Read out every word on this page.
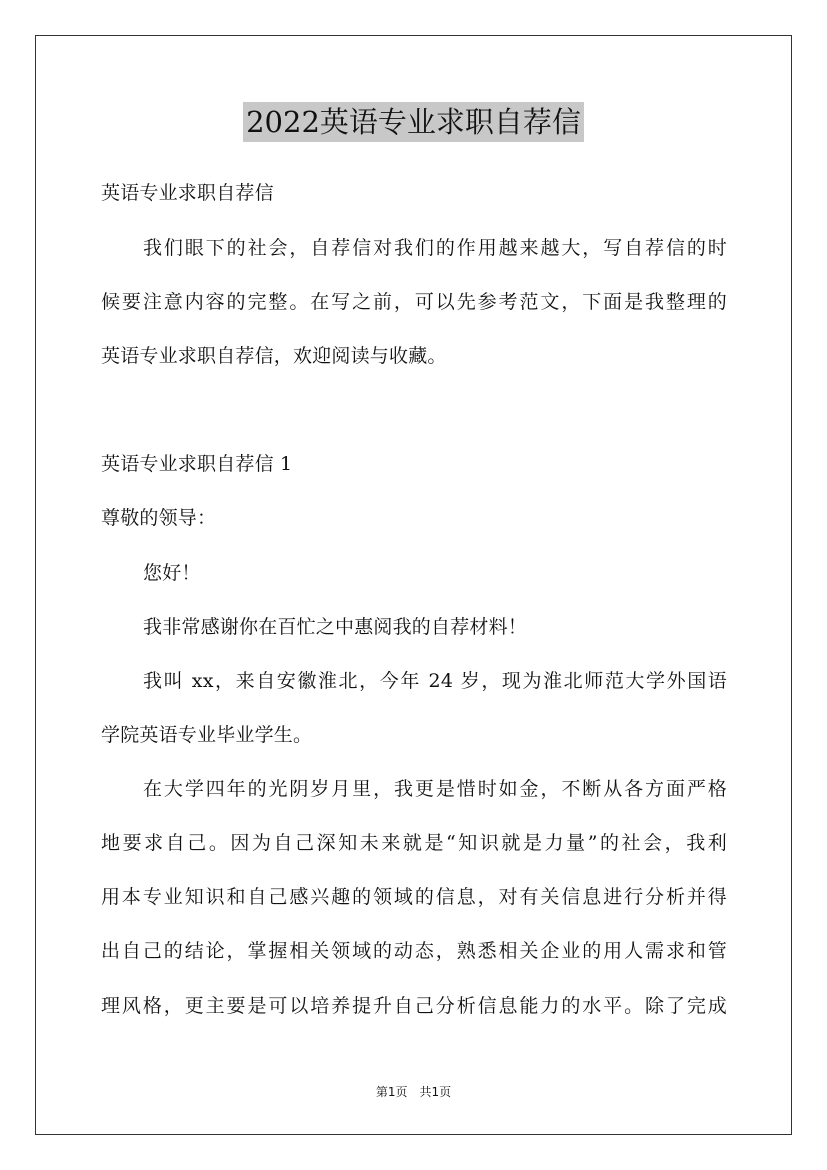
2022英语专业求职自荐信
英语专业求职自荐信
我们眼下的社会，自荐信对我们的作用越来越大，写自荐信的时
候要注意内容的完整。在写之前，可以先参考范文，下面是我整理的
英语专业求职自荐信，欢迎阅读与收藏。
英语专业求职自荐信 1
尊敬的领导：
您好！
我非常感谢你在百忙之中惠阅我的自荐材料！
我叫 xx，来自安徽淮北，今年 24 岁，现为淮北师范大学外国语
学院英语专业毕业学生。
在大学四年的光阴岁月里，我更是惜时如金，不断从各方面严格
地要求自己。因为自己深知未来就是“知识就是力量”的社会，我利
用本专业知识和自己感兴趣的领域的信息，对有关信息进行分析并得
出自己的结论，掌握相关领域的动态，熟悉相关企业的用人需求和管
理风格，更主要是可以培养提升自己分析信息能力的水平。除了完成
第1页　共1页
